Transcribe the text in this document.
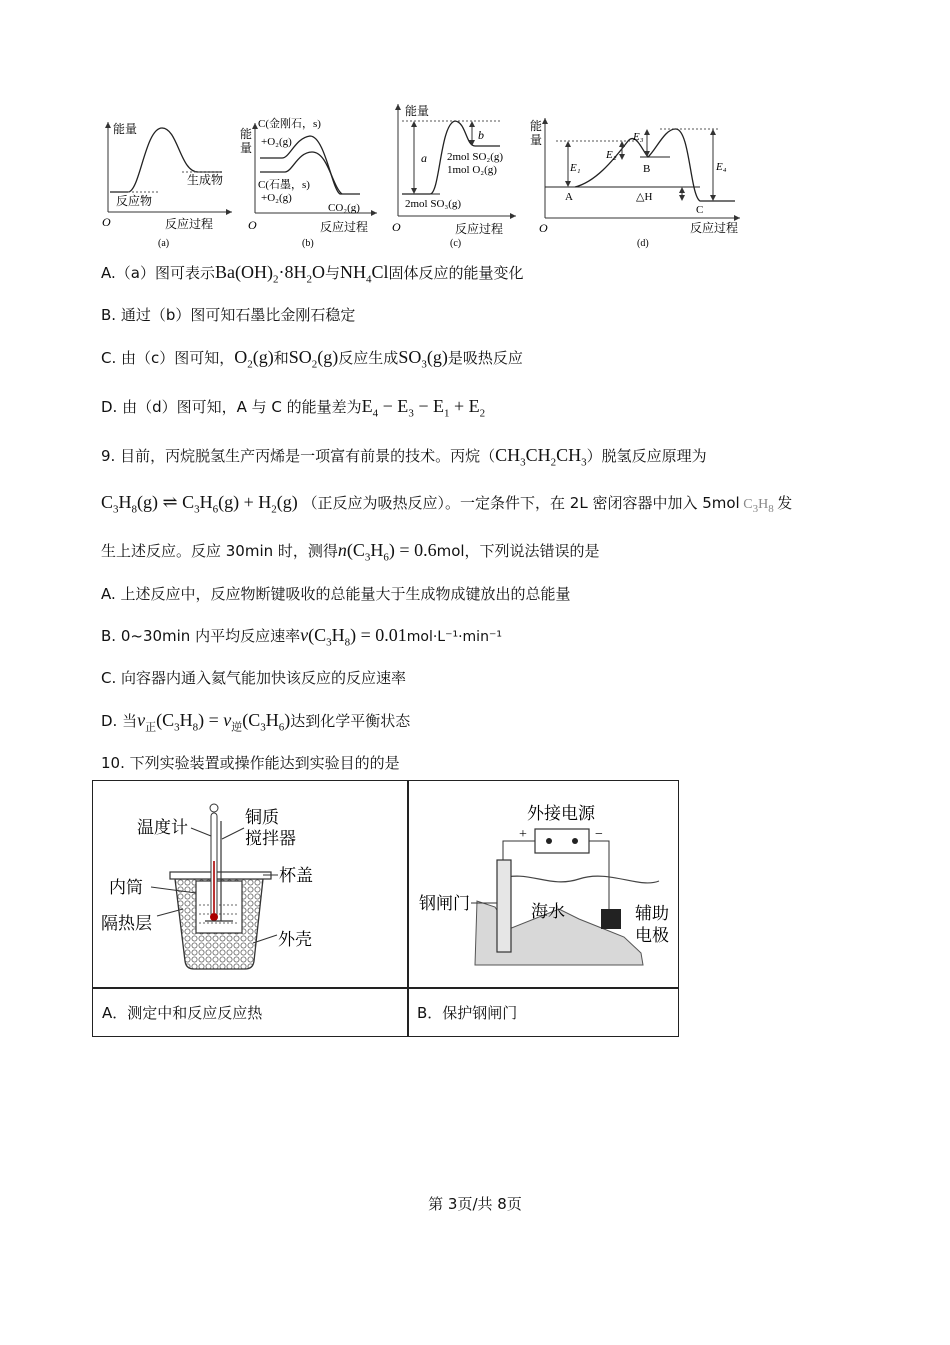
能量
反应物
生成物
O	反应过程
(a)
能
量
C(金刚石，s)
+O₂(g)
C(石墨，s)
+O₂(g)
CO₂(g)
O	反应过程
(b)
能量
a
b
2mol SO₂(g)
1mol O₂(g)
2mol SO₃(g)
O	反应过程
(c)
能
量
E₁
E₂
E₃
E₄
A
B
C
△H
O	反应过程
(d)
A.（a）图可表示$Ba(OH)_2\cdot 8H_2O$与$NH_4Cl$固体反应的能量变化
B. 通过（b）图可知石墨比金刚石稳定
C. 由（c）图可知，$O_2(g)$和$SO_2(g)$反应生成$SO_3(g)$是吸热反应
D. 由（d）图可知，A 与 C 的能量差为$E_4 - E_3 - E_1 + E_2$
9. 目前，丙烷脱氢生产丙烯是一项富有前景的技术。丙烷$(CH_3CH_2CH_3)$脱氢反应原理为
$C_3H_8(g)$ ⇌ $C_3H_6(g) + H_2(g)$ （正反应为吸热反应）。一定条件下，在 2L 密闭容器中加入 5mol $C_3H_8$ 发
生上述反应。反应 30min 时，测得$n(C_3H_6) = 0.6mol$，下列说法错误的是
A. 上述反应中，反应物断键吸收的总能量大于生成物成键放出的总能量
B. 0~30min 内平均反应速率$v(C_3H_8) = 0.01mol\cdot L^{-1}\cdot\min^{-1}$
C. 向容器内通入氦气能加快该反应的反应速率
D. 当$v_正(C_3H_8) = v_逆(C_3H_6)$达到化学平衡状态
10. 下列实验装置或操作能达到实验目的的是
温度计
铜质
搅拌器
杯盖
内筒
隔热层
外壳
外接电源
+	−
钢闸门	海水	辅助
电极
A．测定中和反应反应热	B．保护钢闸门
第 3页/共 8页
